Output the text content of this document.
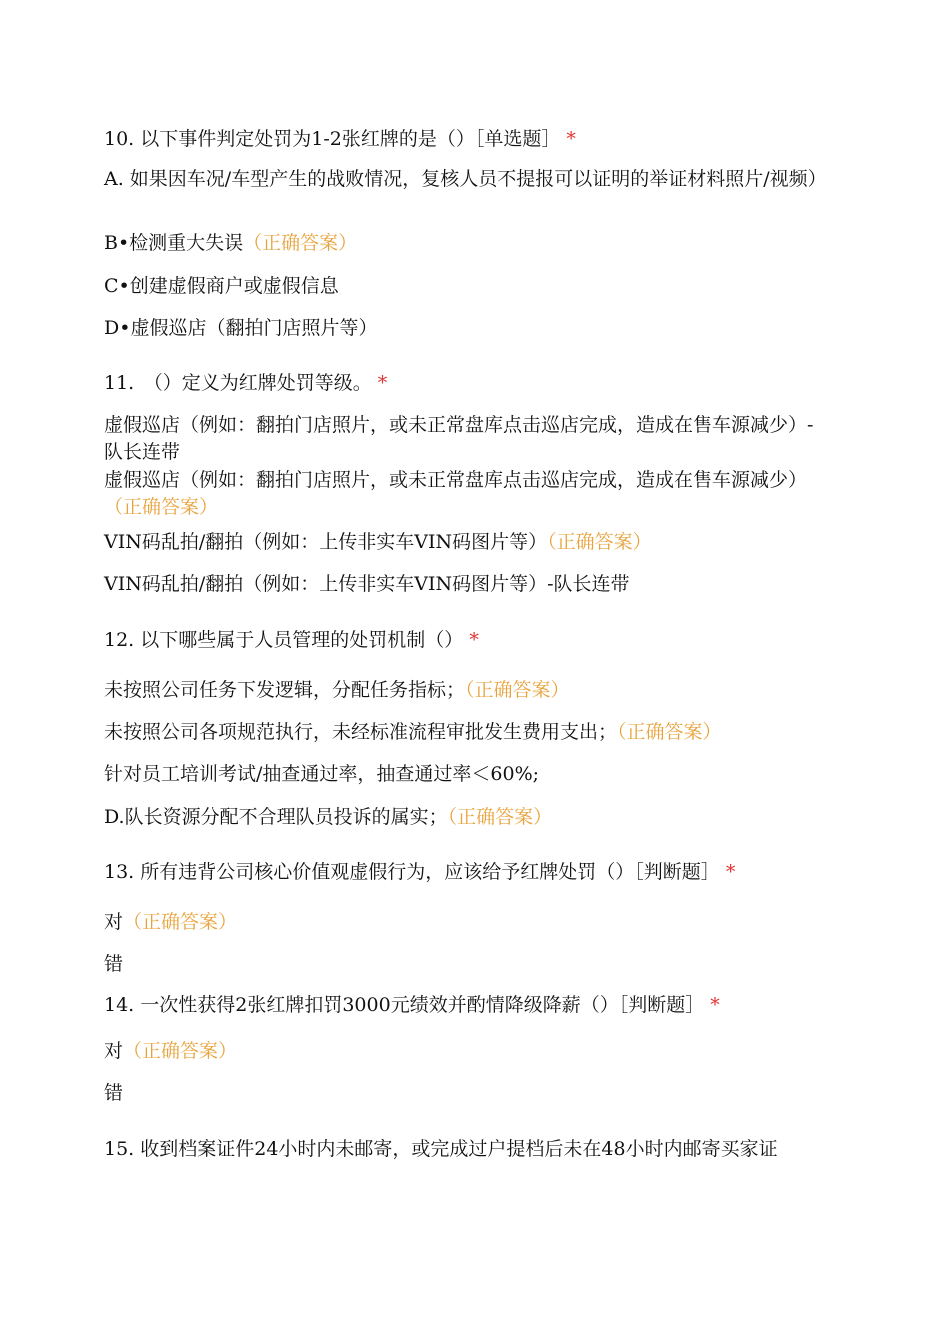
10. 以下事件判定处罚为1-2张红牌的是（）［单选题］ *
A. 如果因车况/车型产生的战败情况，复核人员不提报可以证明的举证材料照片/视频）
B•检测重大失误（正确答案）
C•创建虚假商户或虚假信息
D•虚假巡店（翻拍门店照片等）
11.　（）定义为红牌处罚等级。 *
虚假巡店（例如：翻拍门店照片，或未正常盘库点击巡店完成，造成在售车源减少）-队长连带
虚假巡店（例如：翻拍门店照片，或未正常盘库点击巡店完成，造成在售车源减少）（正确答案）
VIN码乱拍/翻拍（例如：上传非实车VIN码图片等）（正确答案）
VIN码乱拍/翻拍（例如：上传非实车VIN码图片等）-队长连带
12. 以下哪些属于人员管理的处罚机制（） *
未按照公司任务下发逻辑，分配任务指标；（正确答案）
未按照公司各项规范执行，未经标准流程审批发生费用支出；（正确答案）
针对员工培训考试/抽查通过率，抽查通过率＜60%;
D.队长资源分配不合理队员投诉的属实；（正确答案）
13. 所有违背公司核心价值观虚假行为，应该给予红牌处罚（）［判断题］ *
对（正确答案）
错
14. 一次性获得2张红牌扣罚3000元绩效并酌情降级降薪（）［判断题］ *
对（正确答案）
错
15. 收到档案证件24小时内未邮寄，或完成过户提档后未在48小时内邮寄买家证
